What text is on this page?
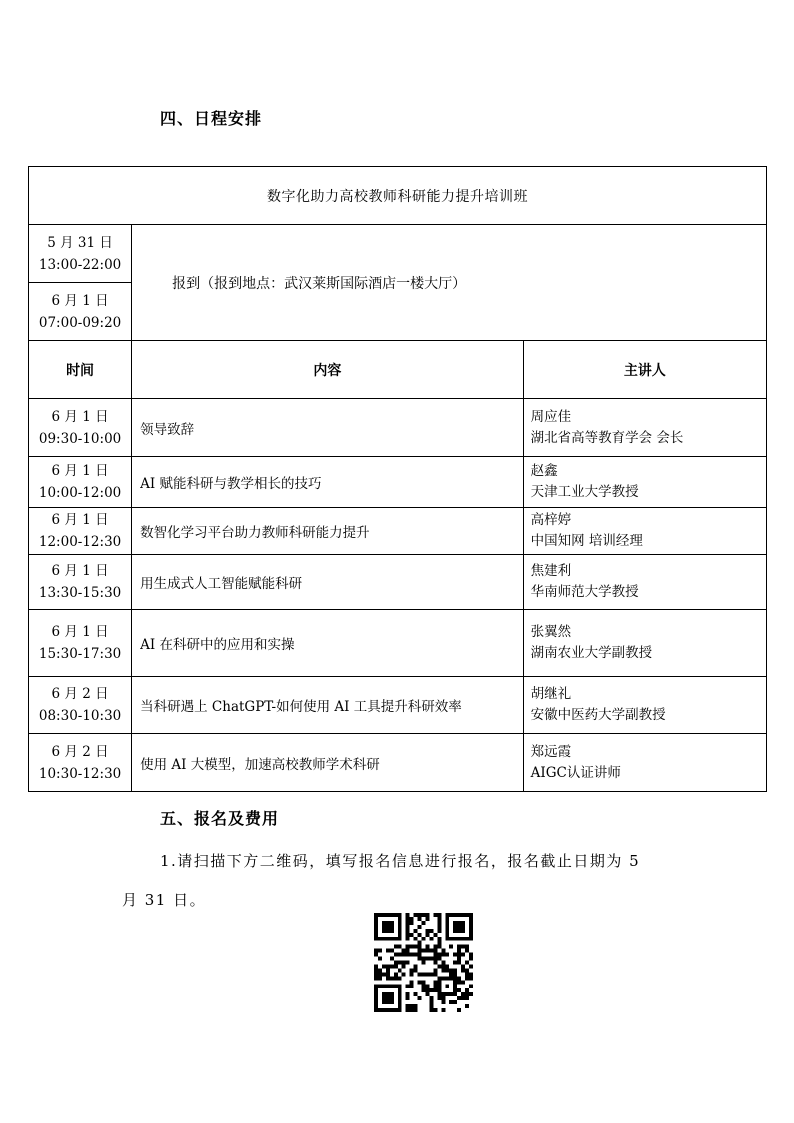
四、日程安排
数字化助力高校教师科研能力提升培训班		

5 月 31 日
13:00-22:00	报到（报到地点：武汉莱斯国际酒店一楼大厅）	

6 月 1 日
07:00-09:20		

时间	内容	主讲人

6 月 1 日
09:30-10:00	领导致辞	周应佳
湖北省高等教育学会 会长

6 月 1 日
10:00-12:00	AI 赋能科研与教学相长的技巧	赵鑫
天津工业大学教授

6 月 1 日
12:00-12:30	数智化学习平台助力教师科研能力提升	高梓婷
中国知网 培训经理

6 月 1 日
13:30-15:30	用生成式人工智能赋能科研	焦建利
华南师范大学教授

6 月 1 日
15:30-17:30	AI 在科研中的应用和实操	张翼然
湖南农业大学副教授

6 月 2 日
08:30-10:30	当科研遇上 ChatGPT-如何使用 AI 工具提升科研效率	胡继礼
安徽中医药大学副教授

6 月 2 日
10:30-12:30	使用 AI 大模型，加速高校教师学术科研	郑远霞
AIGC认证讲师
五、报名及费用
1.请扫描下方二维码，填写报名信息进行报名，报名截止日期为 5
月 31 日。
